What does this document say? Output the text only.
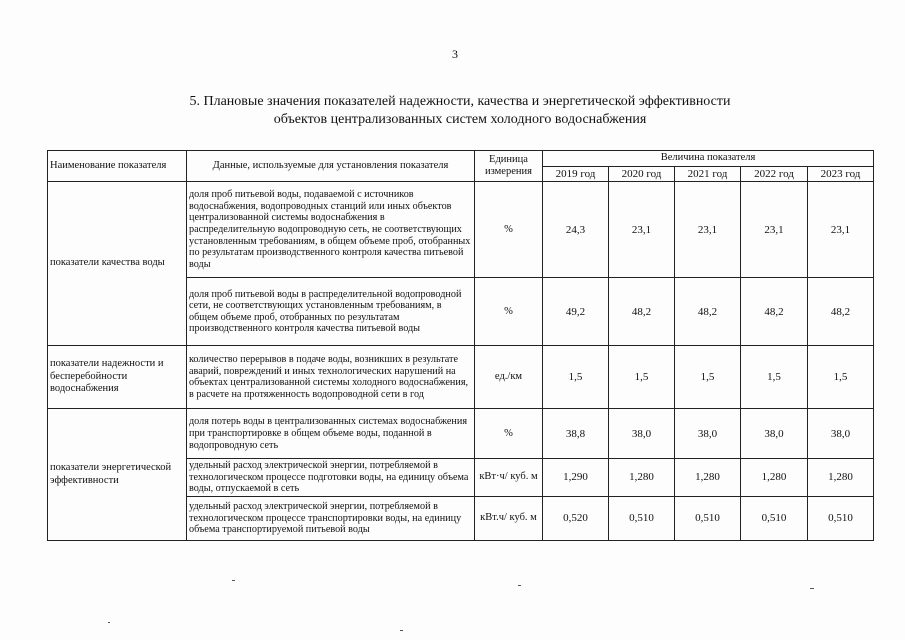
3
5. Плановые значения показателей надежности, качества и энергетической эффективности
объектов централизованных систем холодного водоснабжения
Наименование показателя	Данные, используемые для установления показателя	Единица измерения	Величина показателя				
			2019 год	2020 год	2021 год	2022 год	2023 год
показатели качества воды	доля проб питьевой воды, подаваемой с источников водоснабжения, водопроводных станций или иных объектов централизованной системы водоснабжения в распределительную водопроводную сеть, не соответствующих установленным требованиям, в общем объеме проб, отобранных по результатам производственного контроля качества питьевой воды	%	24,3	23,1	23,1	23,1	23,1
	доля проб питьевой воды в распределительной водопроводной сети, не соответствующих установленным требованиям, в общем объеме проб, отобранных по результатам производственного контроля качества питьевой воды	%	49,2	48,2	48,2	48,2	48,2
показатели надежности и бесперебойности водоснабжения	количество перерывов в подаче воды, возникших в результате аварий, повреждений и иных технологических нарушений на объектах централизованной системы холодного водоснабжения, в расчете на протяженность водопроводной сети в год	ед./км	1,5	1,5	1,5	1,5	1,5
показатели энергетической эффективности	доля потерь воды в централизованных системах водоснабжения при транспортировке в общем объеме воды, поданной в водопроводную сеть	%	38,8	38,0	38,0	38,0	38,0
	удельный расход электрической энергии, потребляемой в технологическом процессе подготовки воды, на единицу объема воды, отпускаемой в сеть	кВт·ч/ куб. м	1,290	1,280	1,280	1,280	1,280
	удельный расход электрической энергии, потребляемой в технологическом процессе транспортировки воды, на единицу объема транспортируемой питьевой воды	кВт.ч/ куб. м	0,520	0,510	0,510	0,510	0,510
